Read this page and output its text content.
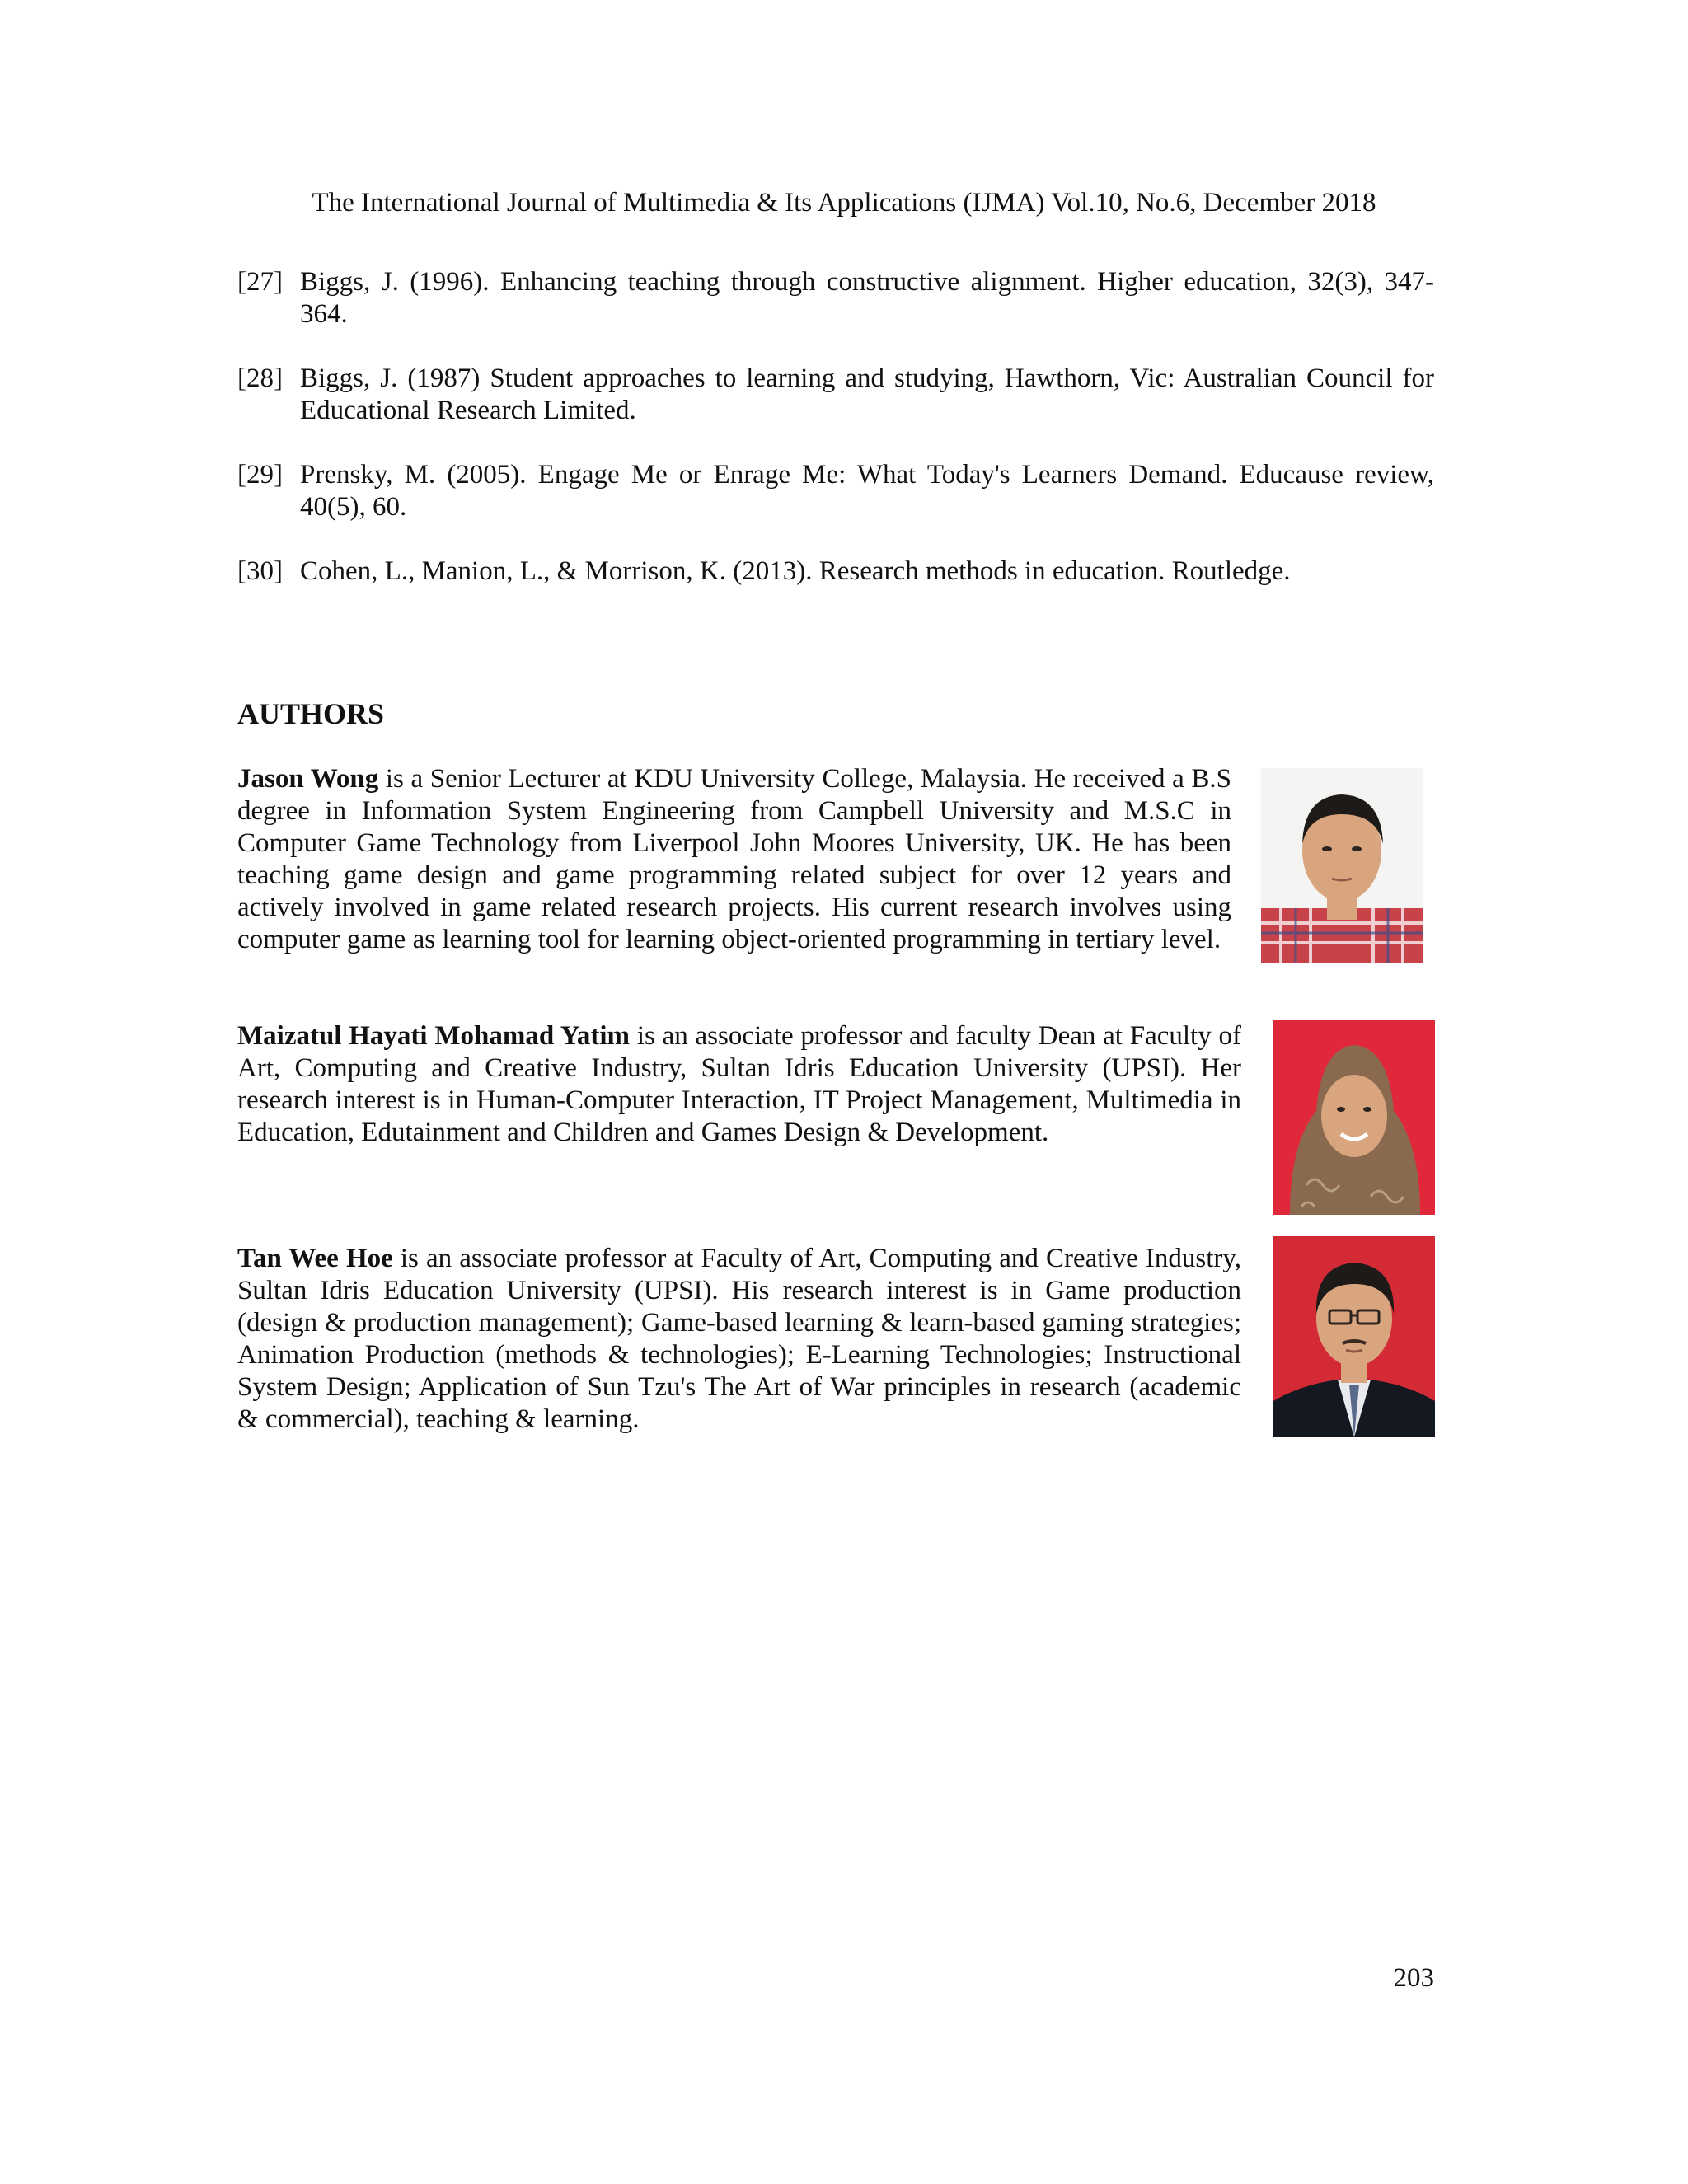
The International Journal of Multimedia & Its Applications (IJMA) Vol.10, No.6, December 2018
[27] Biggs, J. (1996). Enhancing teaching through constructive alignment. Higher education, 32(3), 347-364.
[28] Biggs, J. (1987) Student approaches to learning and studying, Hawthorn, Vic: Australian Council for Educational Research Limited.
[29] Prensky, M. (2005). Engage Me or Enrage Me: What Today's Learners Demand. Educause review, 40(5), 60.
[30] Cohen, L., Manion, L., & Morrison, K. (2013). Research methods in education. Routledge.
AUTHORS

Jason Wong is a Senior Lecturer at KDU University College, Malaysia. He received a B.S degree in Information System Engineering from Campbell University and M.S.C in Computer Game Technology from Liverpool John Moores University, UK. He has been teaching game design and game programming related subject for over 12 years and actively involved in game related research projects. His current research involves using computer game as learning tool for learning object-oriented programming in tertiary level.

Maizatul Hayati Mohamad Yatim is an associate professor and faculty Dean at Faculty of Art, Computing and Creative Industry, Sultan Idris Education University (UPSI). Her research interest is in Human-Computer Interaction, IT Project Management, Multimedia in Education, Edutainment and Children and Games Design & Development.

Tan Wee Hoe is an associate professor at Faculty of Art, Computing and Creative Industry, Sultan Idris Education University (UPSI). His research interest is in Game production (design & production management); Game-based learning & learn-based gaming strategies; Animation Production (methods & technologies); E-Learning Technologies; Instructional System Design; Application of Sun Tzu's The Art of War principles in research (academic & commercial), teaching & learning.

203
